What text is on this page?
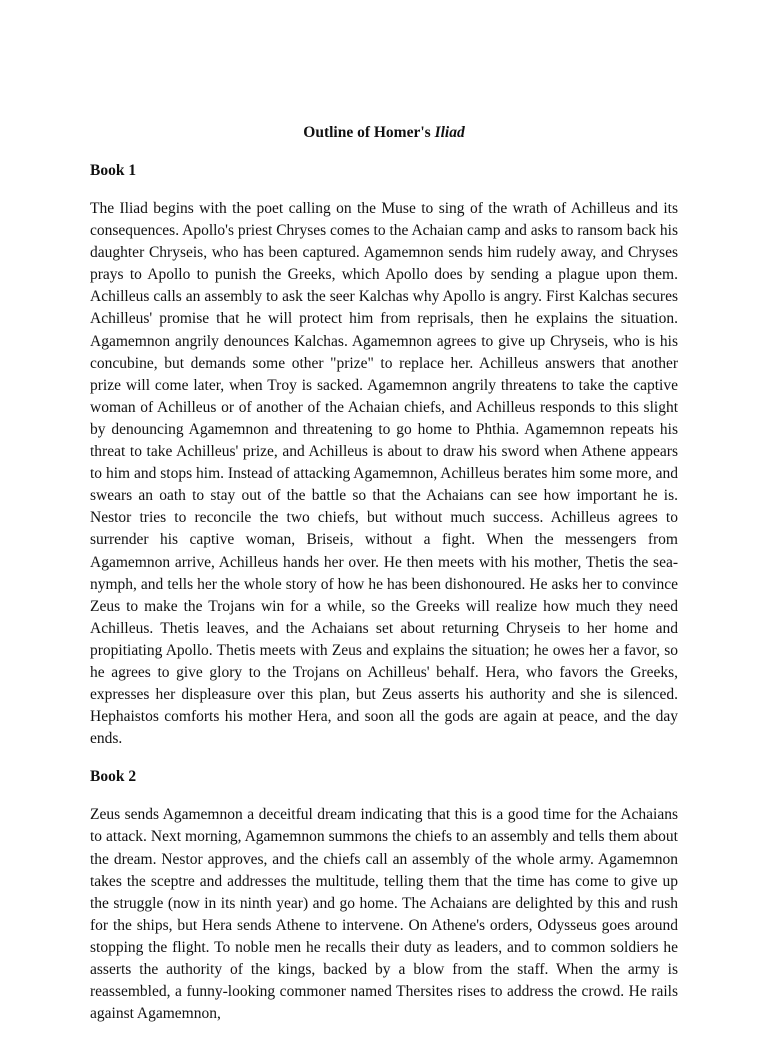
Outline of Homer's Iliad
Book 1

The Iliad begins with the poet calling on the Muse to sing of the wrath of Achilleus and its consequences. Apollo's priest Chryses comes to the Achaian camp and asks to ransom back his daughter Chryseis, who has been captured. Agamemnon sends him rudely away, and Chryses prays to Apollo to punish the Greeks, which Apollo does by sending a plague upon them. Achilleus calls an assembly to ask the seer Kalchas why Apollo is angry. First Kalchas secures Achilleus' promise that he will protect him from reprisals, then he explains the situation. Agamemnon angrily denounces Kalchas. Agamemnon agrees to give up Chryseis, who is his concubine, but demands some other "prize" to replace her. Achilleus answers that another prize will come later, when Troy is sacked. Agamemnon angrily threatens to take the captive woman of Achilleus or of another of the Achaian chiefs, and Achilleus responds to this slight by denouncing Agamemnon and threatening to go home to Phthia. Agamemnon repeats his threat to take Achilleus' prize, and Achilleus is about to draw his sword when Athene appears to him and stops him. Instead of attacking Agamemnon, Achilleus berates him some more, and swears an oath to stay out of the battle so that the Achaians can see how important he is. Nestor tries to reconcile the two chiefs, but without much success. Achilleus agrees to surrender his captive woman, Briseis, without a fight. When the messengers from Agamemnon arrive, Achilleus hands her over. He then meets with his mother, Thetis the sea-nymph, and tells her the whole story of how he has been dishonoured. He asks her to convince Zeus to make the Trojans win for a while, so the Greeks will realize how much they need Achilleus. Thetis leaves, and the Achaians set about returning Chryseis to her home and propitiating Apollo. Thetis meets with Zeus and explains the situation; he owes her a favor, so he agrees to give glory to the Trojans on Achilleus' behalf. Hera, who favors the Greeks, expresses her displeasure over this plan, but Zeus asserts his authority and she is silenced. Hephaistos comforts his mother Hera, and soon all the gods are again at peace, and the day ends.

Book 2

Zeus sends Agamemnon a deceitful dream indicating that this is a good time for the Achaians to attack. Next morning, Agamemnon summons the chiefs to an assembly and tells them about the dream. Nestor approves, and the chiefs call an assembly of the whole army. Agamemnon takes the sceptre and addresses the multitude, telling them that the time has come to give up the struggle (now in its ninth year) and go home. The Achaians are delighted by this and rush for the ships, but Hera sends Athene to intervene. On Athene's orders, Odysseus goes around stopping the flight. To noble men he recalls their duty as leaders, and to common soldiers he asserts the authority of the kings, backed by a blow from the staff. When the army is reassembled, a funny-looking commoner named Thersites rises to address the crowd. He rails against Agamemnon,
